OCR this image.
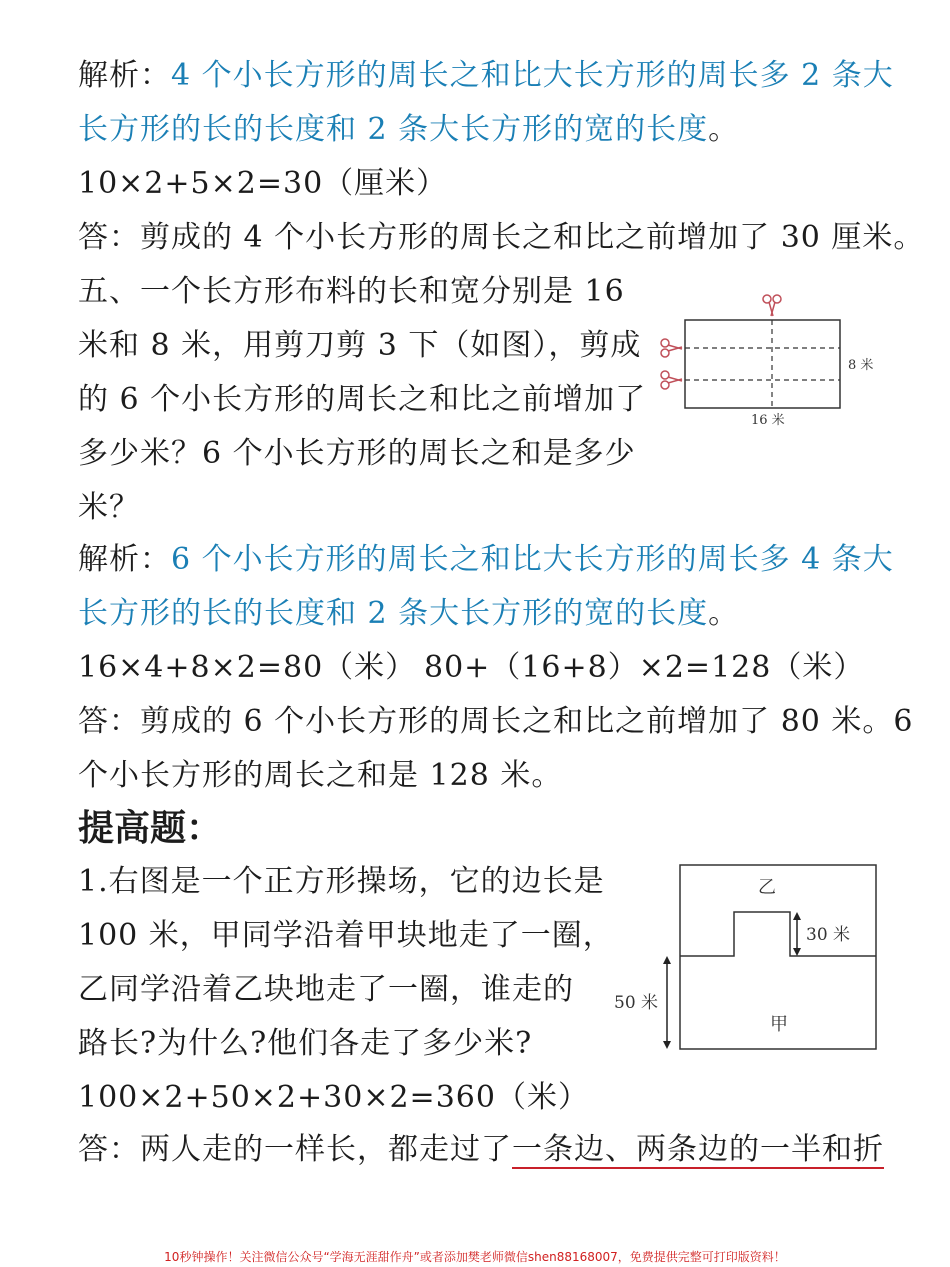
解析：4 个小长方形的周长之和比大长方形的周长多 2 条大
长方形的长的长度和 2 条大长方形的宽的长度。
10×2+5×2=30（厘米）
答：剪成的 4 个小长方形的周长之和比之前增加了 30 厘米。
五、一个长方形布料的长和宽分别是 16
米和 8 米，用剪刀剪 3 下（如图），剪成
的 6 个小长方形的周长之和比之前增加了
多少米？6 个小长方形的周长之和是多少
米？
8 米
16 米
解析：6 个小长方形的周长之和比大长方形的周长多 4 条大
长方形的长的长度和 2 条大长方形的宽的长度。
16×4+8×2=80（米） 80+（16+8）×2=128（米）
答：剪成的 6 个小长方形的周长之和比之前增加了 80 米。6
个小长方形的周长之和是 128 米。
提高题：
1.右图是一个正方形操场，它的边长是
100 米，甲同学沿着甲块地走了一圈，
乙同学沿着乙块地走了一圈，谁走的
路长?为什么?他们各走了多少米?
乙
甲
30 米
50 米
100×2+50×2+30×2=360（米）
答：两人走的一样长，都走过了一条边、两条边的一半和折
10秒钟操作！关注微信公众号“学海无涯甜作舟”或者添加樊老师微信shen88168007，免费提供完整可打印版资料！
